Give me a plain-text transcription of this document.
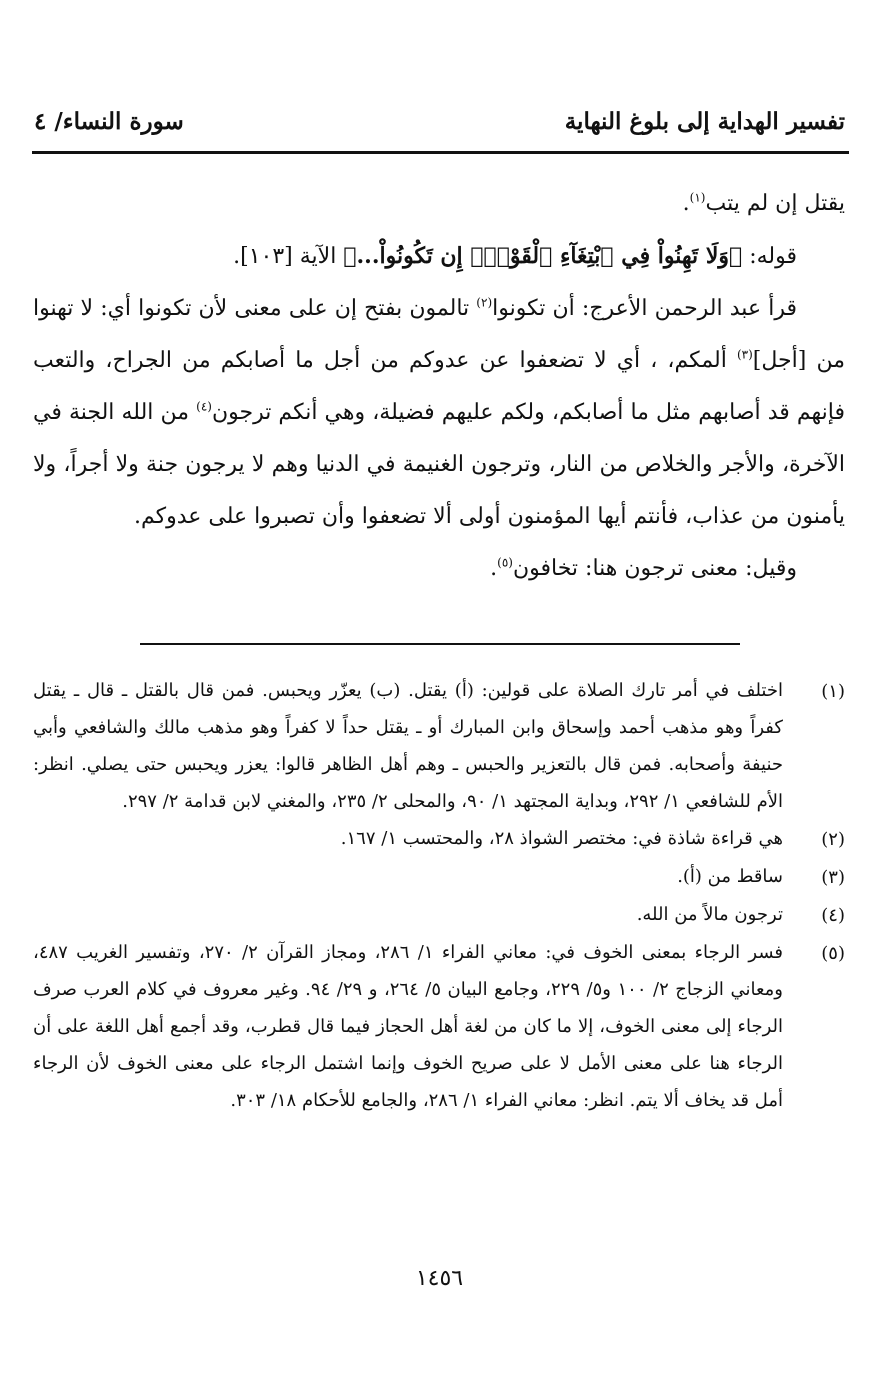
تفسير الهداية إلى بلوغ النهاية
سورة النساء/ ٤

يقتل إن لم يتب$^{(١)}$.

قوله: ﴿وَلَا تَهِنُواْ فِي ٱبْتِغَآءِ ٱلْقَوْمِۖ إِن تَكُونُواْ...﴾ الآية [١٠٣].

قرأ عبد الرحمن الأعرج: أن تكونوا$^{(٢)}$ تالمون بفتح إن على معنى لأن تكونوا أي: لا تهنوا من [أجل]$^{(٣)}$ ألمكم، ، أي لا تضعفوا عن عدوكم من أجل ما أصابكم من الجراح، والتعب فإنهم قد أصابهم مثل ما أصابكم، ولكم عليهم فضيلة، وهي أنكم ترجون$^{(٤)}$ من الله الجنة في الآخرة، والأجر والخلاص من النار، وترجون الغنيمة في الدنيا وهم لا يرجون جنة ولا أجراً، ولا يأمنون من عذاب، فأنتم أيها المؤمنون أولى ألا تضعفوا وأن تصبروا على عدوكم.

وقيل: معنى ترجون هنا: تخافون$^{(٥)}$.

(١)
اختلف في أمر تارك الصلاة على قولين: (أ) يقتل. (ب) يعزّر ويحبس. فمن قال بالقتل ـ قال ـ يقتل كفراً وهو مذهب أحمد وإسحاق وابن المبارك أو ـ يقتل حداً لا كفراً وهو مذهب مالك والشافعي وأبي حنيفة وأصحابه. فمن قال بالتعزير والحبس ـ وهم أهل الظاهر قالوا: يعزر ويحبس حتى يصلي. انظر: الأم للشافعي ١/ ٢٩٢، وبداية المجتهد ١/ ٩٠، والمحلى ٢/ ٢٣٥، والمغني لابن قدامة ٢/ ٢٩٧.
(٢)
هي قراءة شاذة في: مختصر الشواذ ٢٨، والمحتسب ١/ ١٦٧.
(٣)
ساقط من (أ).
(٤)
ترجون مالاً من الله.
(٥)
فسر الرجاء بمعنى الخوف في: معاني الفراء ١/ ٢٨٦، ومجاز القرآن ٢/ ٢٧٠، وتفسير الغريب ٤٨٧، ومعاني الزجاج ٢/ ١٠٠ و٥/ ٢٢٩، وجامع البيان ٥/ ٢٦٤، و ٢٩/ ٩٤. وغير معروف في كلام العرب صرف الرجاء إلى معنى الخوف، إلا ما كان من لغة أهل الحجاز فيما قال قطرب، وقد أجمع أهل اللغة على أن الرجاء هنا على معنى الأمل لا على صريح الخوف وإنما اشتمل الرجاء على معنى الخوف لأن الرجاء أمل قد يخاف ألا يتم. انظر: معاني الفراء ١/ ٢٨٦، والجامع للأحكام ١٨/ ٣٠٣.
١٤٥٦
